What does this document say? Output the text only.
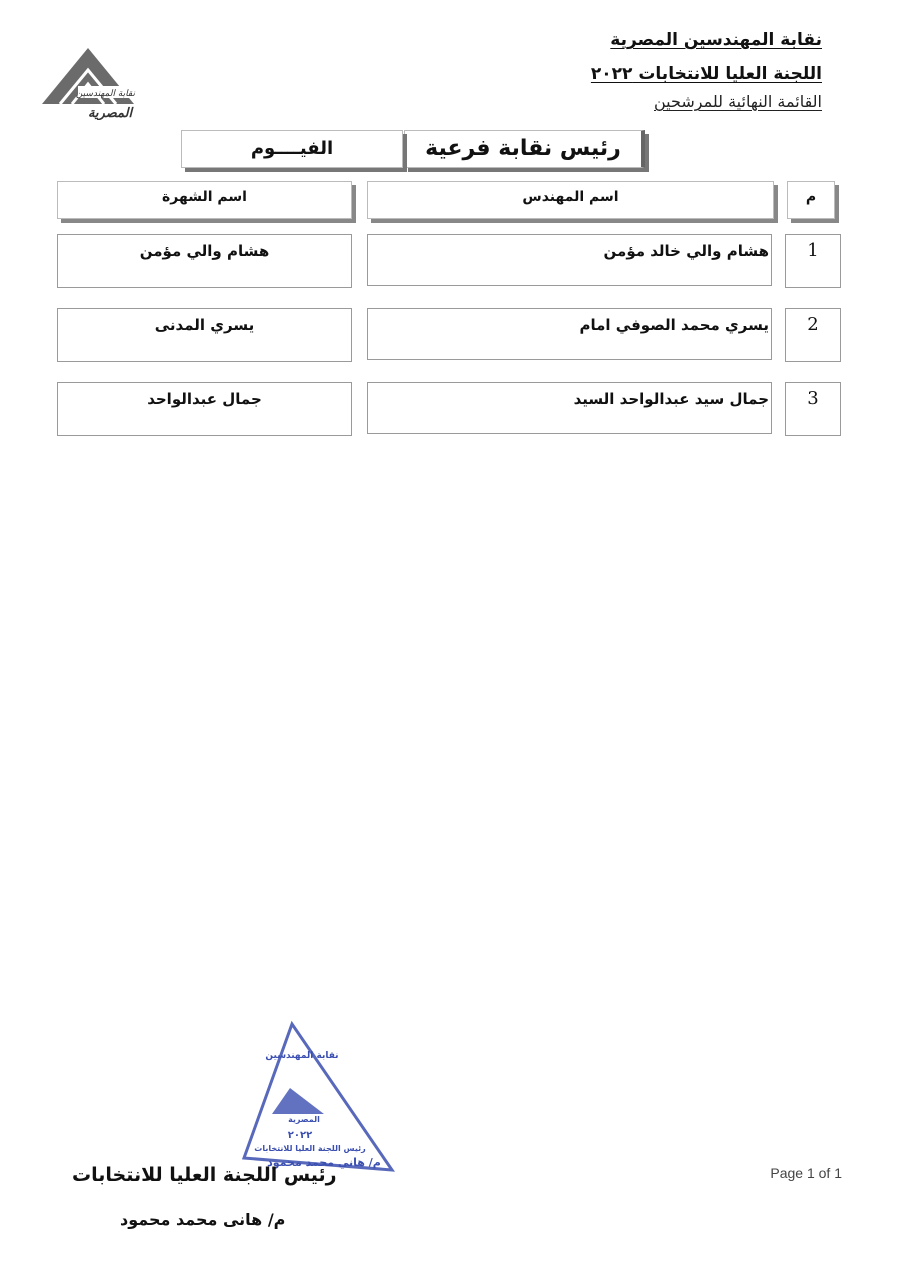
نقابة المهندسين
المصرية
نقابة المهندسين المصرية
اللجنة العليا للانتخابات ٢٠٢٢
القائمة النهائية للمرشحين
رئيس نقابة فرعية
الفيــــوم
م
اسم المهندس
اسم الشهرة
1
هشام والي خالد مؤمن
هشام والي مؤمن
2
يسري محمد الصوفي امام
يسري المدنى
3
جمال سيد عبدالواحد السيد
جمال عبدالواحد
نقابة المهندسين
المصرية
٢٠٢٢
رئيس اللجنة العليا للانتخابات
م/ هاني محمد محمود
رئيس اللجنة العليا للانتخابات
م/ هانى محمد محمود
Page 1 of 1
